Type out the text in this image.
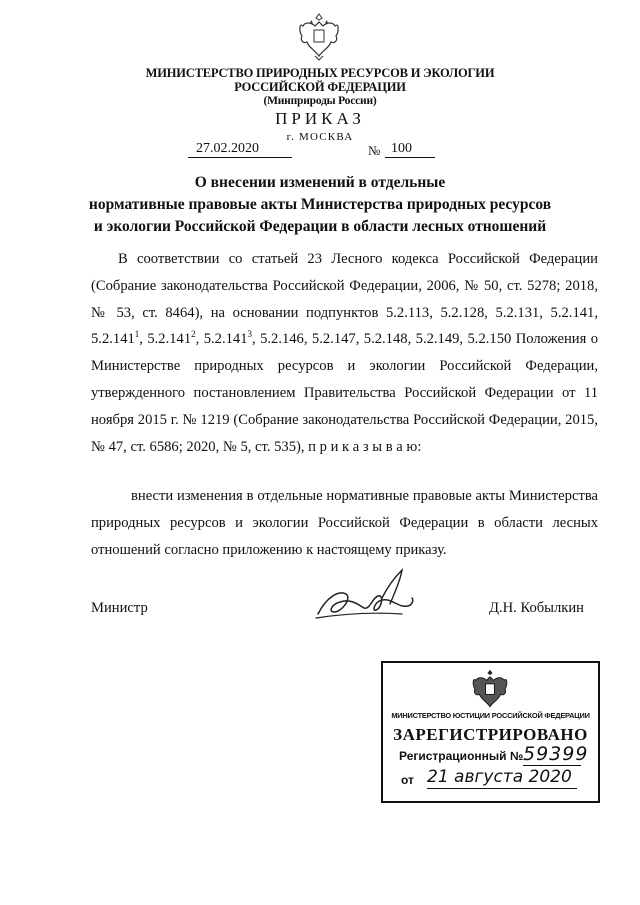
МИНИСТЕРСТВО ПРИРОДНЫХ РЕСУРСОВ И ЭКОЛОГИИ
РОССИЙСКОЙ ФЕДЕРАЦИИ
(Минприроды России)
ПРИКАЗ
г. МОСКВА
27.02.2020	№ 100
О внесении изменений в отдельные
нормативные правовые акты Министерства природных ресурсов
и экологии Российской Федерации в области лесных отношений
В соответствии со статьей 23 Лесного кодекса Российской Федерации (Собрание законодательства Российской Федерации, 2006, № 50, ст. 5278; 2018, № 53, ст. 8464), на основании подпунктов 5.2.113, 5.2.128, 5.2.131, 5.2.141, 5.2.141$^1$, 5.2.141$^2$, 5.2.141$^3$, 5.2.146, 5.2.147, 5.2.148, 5.2.149, 5.2.150 Положения о Министерстве природных ресурсов и экологии Российской Федерации, утвержденного постановлением Правительства Российской Федерации от 11 ноября 2015 г. № 1219 (Собрание законодательства Российской Федерации, 2015, № 47, ст. 6586; 2020, № 5, ст. 535), п р и к а з ы в а ю:
внести изменения в отдельные нормативные правовые акты Министерства природных ресурсов и экологии Российской Федерации в области лесных отношений согласно приложению к настоящему приказу.
Министр	Д.Н. Кобылкин
МИНИСТЕРСТВО ЮСТИЦИИ РОССИЙСКОЙ ФЕДЕРАЦИИ
ЗАРЕГИСТРИРОВАНО
Регистрационный № 59399
от 21 августа 2020
